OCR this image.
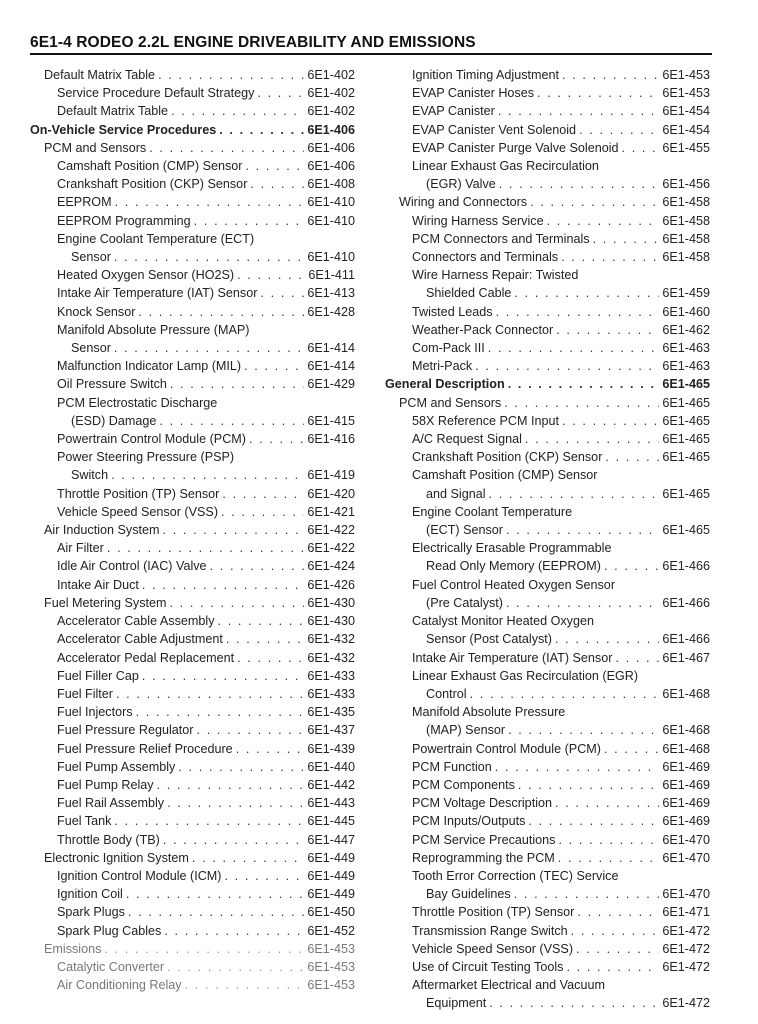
6E1-4 RODEO 2.2L ENGINE DRIVEABILITY AND EMISSIONS
Default Matrix Table . . .	6E1-402
Service Procedure Default Strategy . . .	6E1-402
Default Matrix Table . . .	6E1-402
On-Vehicle Service Procedures . . .	6E1-406
PCM and Sensors . . .	6E1-406
Camshaft Position (CMP) Sensor . . .	6E1-406
Crankshaft Position (CKP) Sensor . . .	6E1-408
EEPROM . . .	6E1-410
EEPROM Programming . . .	6E1-410
Engine Coolant Temperature (ECT)
Sensor . . .	6E1-410
Heated Oxygen Sensor (HO2S) . . .	6E1-411
Intake Air Temperature (IAT) Sensor . . .	6E1-413
Knock Sensor . . .	6E1-428
Manifold Absolute Pressure (MAP)
Sensor . . .	6E1-414
Malfunction Indicator Lamp (MIL) . . .	6E1-414
Oil Pressure Switch . . .	6E1-429
PCM Electrostatic Discharge
(ESD) Damage . . .	6E1-415
Powertrain Control Module (PCM) . . .	6E1-416
Power Steering Pressure (PSP)
Switch . . .	6E1-419
Throttle Position (TP) Sensor . . .	6E1-420
Vehicle Speed Sensor (VSS) . . .	6E1-421
Air Induction System . . .	6E1-422
Air Filter . . .	6E1-422
Idle Air Control (IAC) Valve . . .	6E1-424
Intake Air Duct . . .	6E1-426
Fuel Metering System . . .	6E1-430
Accelerator Cable Assembly . . .	6E1-430
Accelerator Cable Adjustment . . .	6E1-432
Accelerator Pedal Replacement . . .	6E1-432
Fuel Filler Cap . . .	6E1-433
Fuel Filter . . .	6E1-433
Fuel Injectors . . .	6E1-435
Fuel Pressure Regulator . . .	6E1-437
Fuel Pressure Relief Procedure . . .	6E1-439
Fuel Pump Assembly . . .	6E1-440
Fuel Pump Relay . . .	6E1-442
Fuel Rail Assembly . . .	6E1-443
Fuel Tank . . .	6E1-445
Throttle Body (TB) . . .	6E1-447
Electronic Ignition System . . .	6E1-449
Ignition Control Module (ICM) . . .	6E1-449
Ignition Coil . . .	6E1-449
Spark Plugs . . .	6E1-450
Spark Plug Cables . . .	6E1-452
Emissions . . .	6E1-453
Catalytic Converter . . .	6E1-453
Air Conditioning Relay . . .	6E1-453
Ignition Timing Adjustment . . .	6E1-453
EVAP Canister Hoses . . .	6E1-453
EVAP Canister . . .	6E1-454
EVAP Canister Vent Solenoid . . .	6E1-454
EVAP Canister Purge Valve Solenoid . . .	6E1-455
Linear Exhaust Gas Recirculation
(EGR) Valve . . .	6E1-456
Wiring and Connectors . . .	6E1-458
Wiring Harness Service . . .	6E1-458
PCM Connectors and Terminals . . .	6E1-458
Connectors and Terminals . . .	6E1-458
Wire Harness Repair: Twisted
Shielded Cable . . .	6E1-459
Twisted Leads . . .	6E1-460
Weather-Pack Connector . . .	6E1-462
Com-Pack III . . .	6E1-463
Metri-Pack . . .	6E1-463
General Description . . .	6E1-465
PCM and Sensors . . .	6E1-465
58X Reference PCM Input . . .	6E1-465
A/C Request Signal . . .	6E1-465
Crankshaft Position (CKP) Sensor . . .	6E1-465
Camshaft Position (CMP) Sensor
and Signal . . .	6E1-465
Engine Coolant Temperature
(ECT) Sensor . . .	6E1-465
Electrically Erasable Programmable
Read Only Memory (EEPROM) . . .	6E1-466
Fuel Control Heated Oxygen Sensor
(Pre Catalyst) . . .	6E1-466
Catalyst Monitor Heated Oxygen
Sensor (Post Catalyst) . . .	6E1-466
Intake Air Temperature (IAT) Sensor . . .	6E1-467
Linear Exhaust Gas Recirculation (EGR)
Control . . .	6E1-468
Manifold Absolute Pressure
(MAP) Sensor . . .	6E1-468
Powertrain Control Module (PCM) . . .	6E1-468
PCM Function . . .	6E1-469
PCM Components . . .	6E1-469
PCM Voltage Description . . .	6E1-469
PCM Inputs/Outputs . . .	6E1-469
PCM Service Precautions . . .	6E1-470
Reprogramming the PCM . . .	6E1-470
Tooth Error Correction (TEC) Service
Bay Guidelines . . .	6E1-470
Throttle Position (TP) Sensor . . .	6E1-471
Transmission Range Switch . . .	6E1-472
Vehicle Speed Sensor (VSS) . . .	6E1-472
Use of Circuit Testing Tools . . .	6E1-472
Aftermarket Electrical and Vacuum
Equipment . . .	6E1-472
